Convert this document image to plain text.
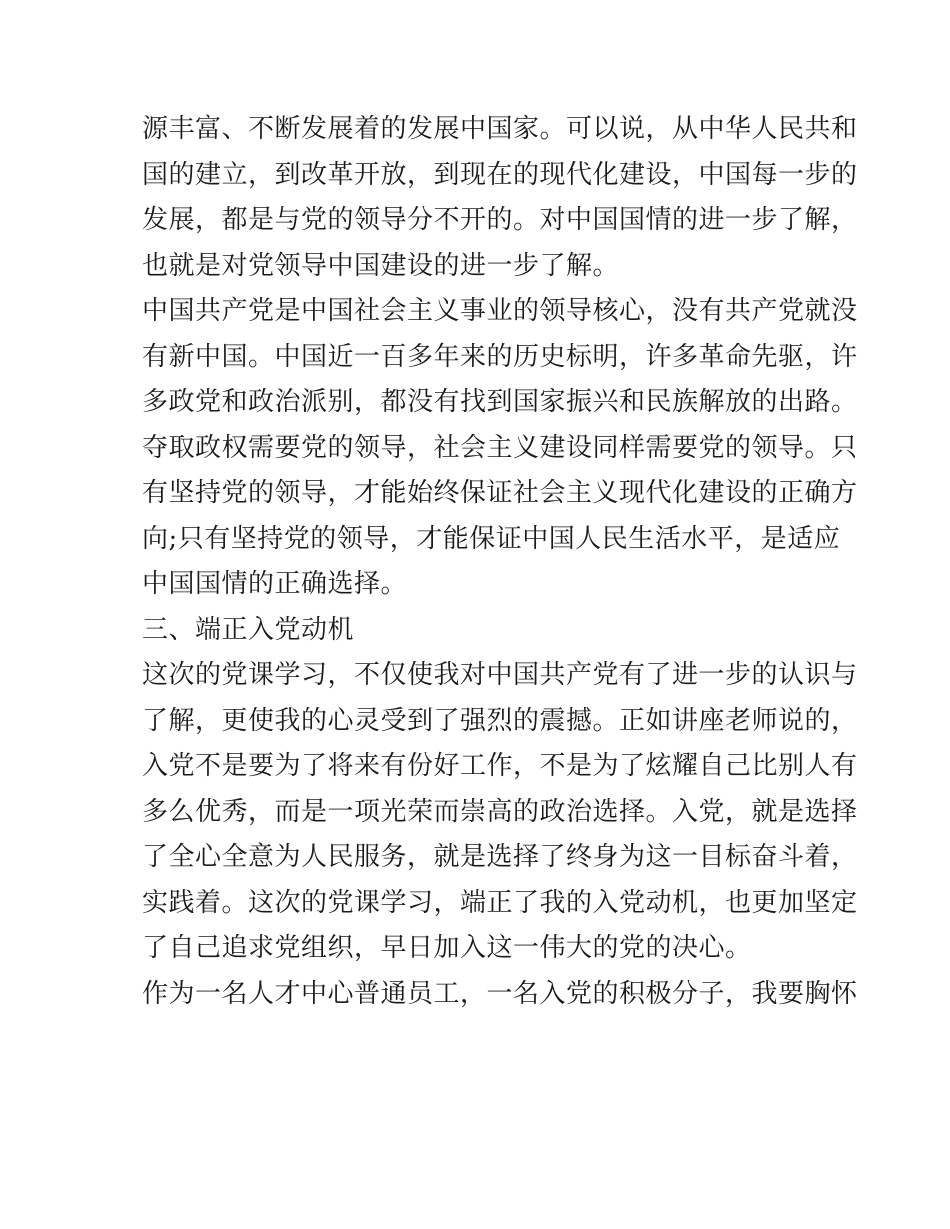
源丰富、不断发展着的发展中国家。可以说，从中华人民共和
国的建立，到改革开放，到现在的现代化建设，中国每一步的
发展，都是与党的领导分不开的。对中国国情的进一步了解，
也就是对党领导中国建设的进一步了解。
中国共产党是中国社会主义事业的领导核心，没有共产党就没
有新中国。中国近一百多年来的历史标明，许多革命先驱，许
多政党和政治派别，都没有找到国家振兴和民族解放的出路。
夺取政权需要党的领导，社会主义建设同样需要党的领导。只
有坚持党的领导，才能始终保证社会主义现代化建设的正确方
向;只有坚持党的领导，才能保证中国人民生活水平，是适应
中国国情的正确选择。
三、端正入党动机
这次的党课学习，不仅使我对中国共产党有了进一步的认识与
了解，更使我的心灵受到了强烈的震撼。正如讲座老师说的，
入党不是要为了将来有份好工作，不是为了炫耀自己比别人有
多么优秀，而是一项光荣而崇高的政治选择。入党，就是选择
了全心全意为人民服务，就是选择了终身为这一目标奋斗着，
实践着。这次的党课学习，端正了我的入党动机，也更加坚定
了自己追求党组织，早日加入这一伟大的党的决心。
作为一名人才中心普通员工，一名入党的积极分子，我要胸怀
